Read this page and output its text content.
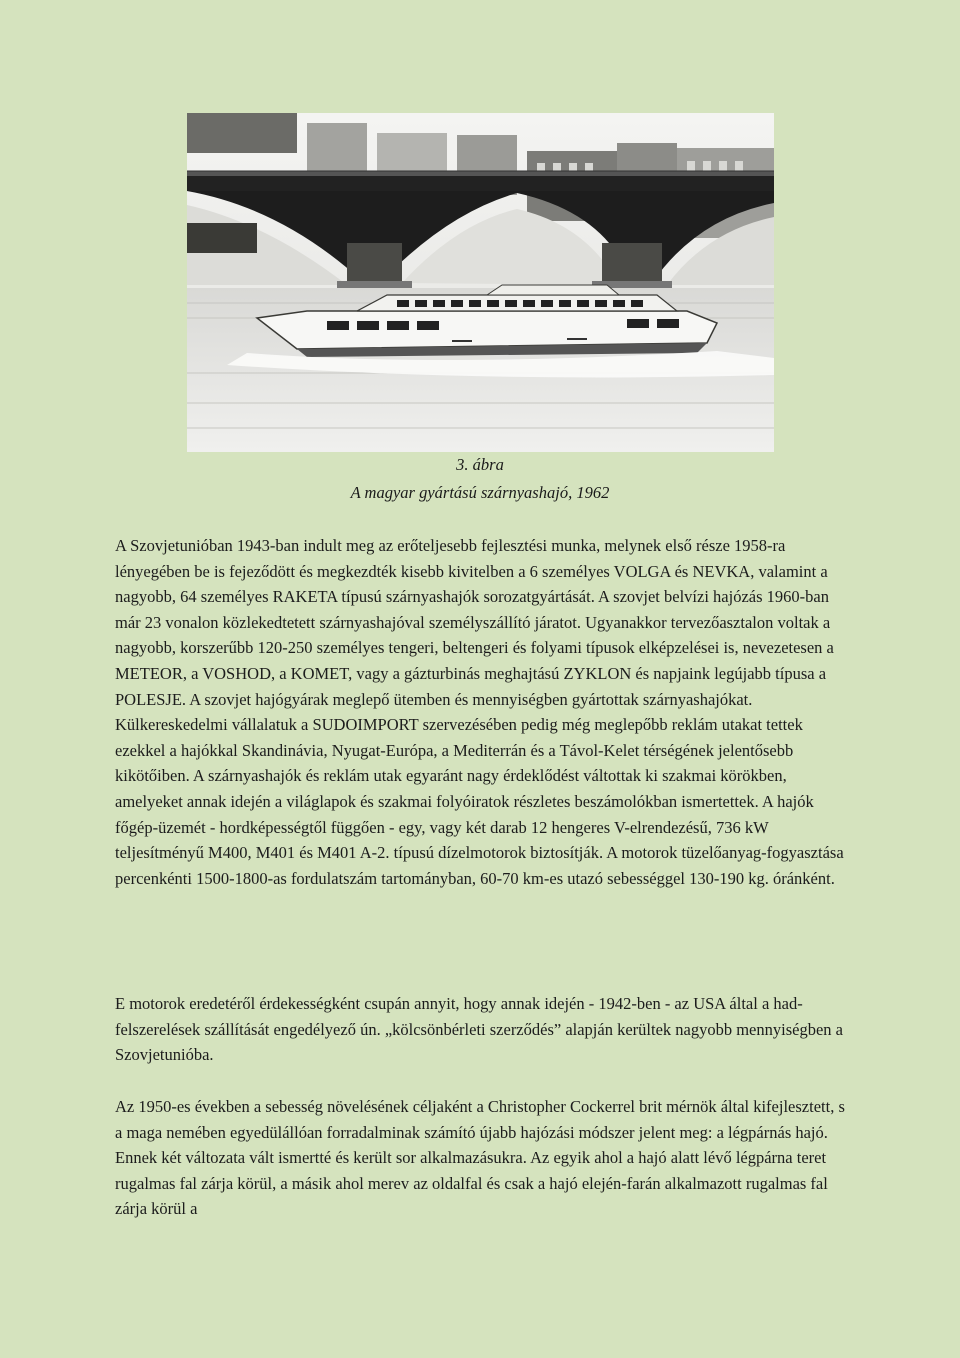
3. ábra
A magyar gyártású szárnyashajó, 1962

A Szovjetunióban 1943-ban indult meg az erőteljesebb fejlesztési munka, melynek első része 1958-ra lényegében be is fejeződött és megkezdték kisebb kivitelben a 6 személyes VOLGA és NEVKA, valamint a nagyobb, 64 személyes RAKETA típusú szárnyashajók sorozatgyártását. A szovjet belvízi hajózás 1960-ban már 23 vonalon közlekedtetett szárnyashajóval személyszállító járatot. Ugyanakkor tervezőasztalon voltak a nagyobb, korszerűbb 120-250 személyes tengeri, beltengeri és folyami típusok elképzelései is, nevezetesen a METEOR, a VOSHOD, a KOMET, vagy a gázturbinás meghajtású ZYKLON és napjaink legújabb típusa a POLESJE. A szovjet hajógyárak meglepő ütemben és mennyiségben gyártottak szárnyashajókat. Külkereskedelmi vállalatuk a SUDOIMPORT szervezésében pedig még meglepőbb reklám utakat tettek ezekkel a hajókkal Skandinávia, Nyugat-Európa, a Mediterrán és a Távol-Kelet térségének jelentősebb kikötőiben. A szárnyashajók és reklám utak egyaránt nagy érdeklődést váltottak ki szakmai körökben, amelyeket annak idején a világlapok és szakmai folyóiratok részletes beszámolókban ismertettek. A hajók főgép-üzemét - hordképességtől függően - egy, vagy két darab 12 hengeres V-elrendezésű, 736 kW teljesítményű M400, M401 és M401 A-2. típusú dízelmotorok biztosítják. A motorok tüzelőanyag-fogyasztása percenkénti 1500-1800-as fordulatszám tartományban, 60-70 km-es utazó sebességgel 130-190 kg. óránként.

E motorok eredetéről érdekességként csupán annyit, hogy annak idején - 1942-ben - az USA által a had-felszerelések szállítását engedélyező ún. „kölcsönbérleti szerződés” alapján kerültek nagyobb mennyiségben a Szovjetunióba.

Az 1950-es években a sebesség növelésének céljaként a Christopher Cockerrel brit mérnök által kifejlesztett, s a maga nemében egyedülállóan forradalminak számító újabb hajózási módszer jelent meg: a légpárnás hajó. Ennek két változata vált ismertté és került sor alkalmazásukra. Az egyik ahol a hajó alatt lévő légpárna teret rugalmas fal zárja körül, a másik ahol merev az oldalfal és csak a hajó elején-farán alkalmazott rugalmas fal zárja körül a
